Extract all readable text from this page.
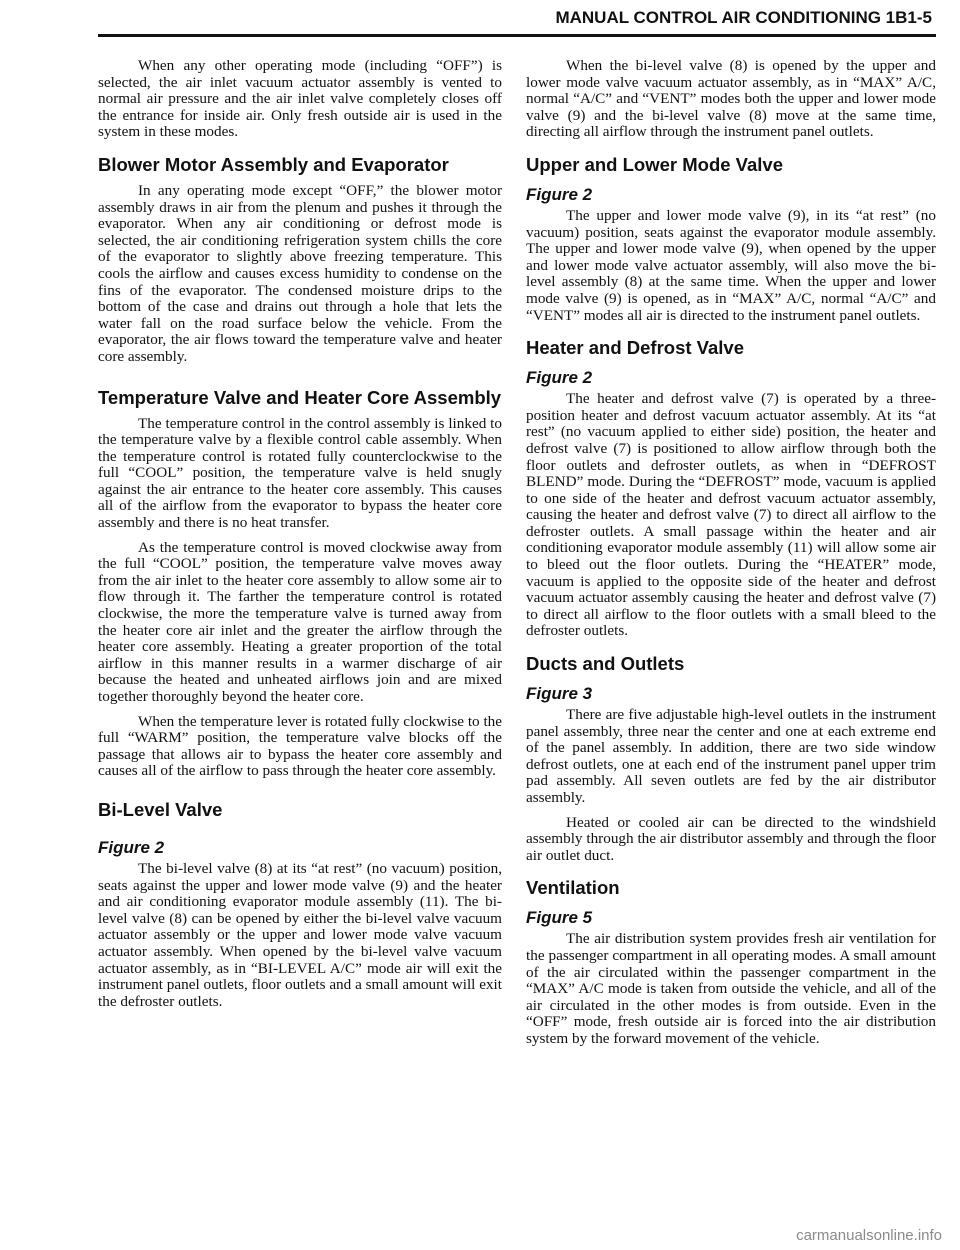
MANUAL CONTROL AIR CONDITIONING 1B1-5

When any other operating mode (including “OFF”) is selected, the air inlet vacuum actuator assembly is vented to normal air pressure and the air inlet valve completely closes off the entrance for inside air. Only fresh outside air is used in the system in these modes.

Blower Motor Assembly and Evaporator

In any operating mode except “OFF,” the blower motor assembly draws in air from the plenum and pushes it through the evaporator. When any air conditioning or defrost mode is selected, the air conditioning refrigeration system chills the core of the evaporator to slightly above freezing temperature. This cools the airflow and causes excess humidity to condense on the fins of the evaporator. The condensed moisture drips to the bottom of the case and drains out through a hole that lets the water fall on the road surface below the vehicle. From the evaporator, the air flows toward the temperature valve and heater core assembly.

Temperature Valve and Heater Core Assembly

The temperature control in the control assembly is linked to the temperature valve by a flexible control cable assembly. When the temperature control is rotated fully counterclockwise to the full “COOL” position, the temperature valve is held snugly against the air entrance to the heater core assembly. This causes all of the airflow from the evaporator to bypass the heater core assembly and there is no heat transfer.

As the temperature control is moved clockwise away from the full “COOL” position, the temperature valve moves away from the air inlet to the heater core assembly to allow some air to flow through it. The farther the temperature control is rotated clockwise, the more the temperature valve is turned away from the heater core air inlet and the greater the airflow through the heater core assembly. Heating a greater proportion of the total airflow in this manner results in a warmer discharge of air because the heated and unheated airflows join and are mixed together thoroughly beyond the heater core.

When the temperature lever is rotated fully clockwise to the full “WARM” position, the temperature valve blocks off the passage that allows air to bypass the heater core assembly and causes all of the airflow to pass through the heater core assembly.

Bi-Level Valve
Figure 2

The bi-level valve (8) at its “at rest” (no vacuum) position, seats against the upper and lower mode valve (9) and the heater and air conditioning evaporator module assembly (11). The bi-level valve (8) can be opened by either the bi-level valve vacuum actuator assembly or the upper and lower mode valve vacuum actuator assembly. When opened by the bi-level valve vacuum actuator assembly, as in “BI-LEVEL A/C” mode air will exit the instrument panel outlets, floor outlets and a small amount will exit the defroster outlets.

When the bi-level valve (8) is opened by the upper and lower mode valve vacuum actuator assembly, as in “MAX” A/C, normal “A/C” and “VENT” modes both the upper and lower mode valve (9) and the bi-level valve (8) move at the same time, directing all airflow through the instrument panel outlets.

Upper and Lower Mode Valve
Figure 2

The upper and lower mode valve (9), in its “at rest” (no vacuum) position, seats against the evaporator module assembly. The upper and lower mode valve (9), when opened by the upper and lower mode valve actuator assembly, will also move the bi-level assembly (8) at the same time. When the upper and lower mode valve (9) is opened, as in “MAX” A/C, normal “A/C” and “VENT” modes all air is directed to the instrument panel outlets.

Heater and Defrost Valve
Figure 2

The heater and defrost valve (7) is operated by a three-position heater and defrost vacuum actuator assembly. At its “at rest” (no vacuum applied to either side) position, the heater and defrost valve (7) is positioned to allow airflow through both the floor outlets and defroster outlets, as when in “DEFROST BLEND” mode. During the “DEFROST” mode, vacuum is applied to one side of the heater and defrost vacuum actuator assembly, causing the heater and defrost valve (7) to direct all airflow to the defroster outlets. A small passage within the heater and air conditioning evaporator module assembly (11) will allow some air to bleed out the floor outlets. During the “HEATER” mode, vacuum is applied to the opposite side of the heater and defrost vacuum actuator assembly causing the heater and defrost valve (7) to direct all airflow to the floor outlets with a small bleed to the defroster outlets.

Ducts and Outlets
Figure 3

There are five adjustable high-level outlets in the instrument panel assembly, three near the center and one at each extreme end of the panel assembly. In addition, there are two side window defrost outlets, one at each end of the instrument panel upper trim pad assembly. All seven outlets are fed by the air distributor assembly.

Heated or cooled air can be directed to the windshield assembly through the air distributor assembly and through the floor air outlet duct.

Ventilation
Figure 5

The air distribution system provides fresh air ventilation for the passenger compartment in all operating modes. A small amount of the air circulated within the passenger compartment in the “MAX” A/C mode is taken from outside the vehicle, and all of the air circulated in the other modes is from outside. Even in the “OFF” mode, fresh outside air is forced into the air distribution system by the forward movement of the vehicle.

carmanualsonline.info
